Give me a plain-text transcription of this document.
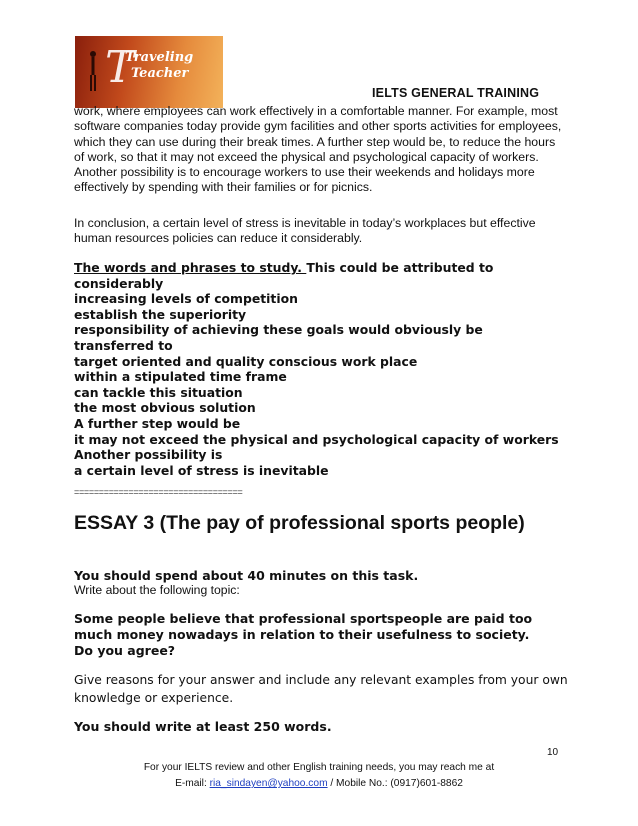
T
Traveling
Teacher
IELTS GENERAL TRAINING
work, where employees can work effectively in a comfortable manner. For example, most software companies today provide gym facilities and other sports activities for employees, which they can use during their break times. A further step would be, to reduce the hours of work, so that it may not exceed the physical and psychological capacity of workers. Another possibility is to encourage workers to use their weekends and holidays more effectively by spending with their families or for picnics.
In conclusion, a certain level of stress is inevitable in today’s workplaces but effective human resources policies can reduce it considerably.
The words and phrases to study. This could be attributed to
considerably
increasing levels of competition
establish the superiority
responsibility of achieving these goals would obviously be
transferred to
target oriented and quality conscious work place
within a stipulated time frame
can tackle this situation
the most obvious solution
A further step would be
it may not exceed the physical and psychological capacity of workers
Another possibility is
a certain level of stress is inevitable
==================================
ESSAY 3 (The pay of professional sports people)
You should spend about 40 minutes on this task.
Write about the following topic:
Some people believe that professional sportspeople are paid too
much money nowadays in relation to their usefulness to society.
Do you agree?
Give reasons for your answer and include any relevant examples from your own knowledge or experience.
You should write at least 250 words.
10
For your IELTS review and other English training needs, you may reach me at
E-mail: ria_sindayen@yahoo.com / Mobile No.: (0917)601-8862
